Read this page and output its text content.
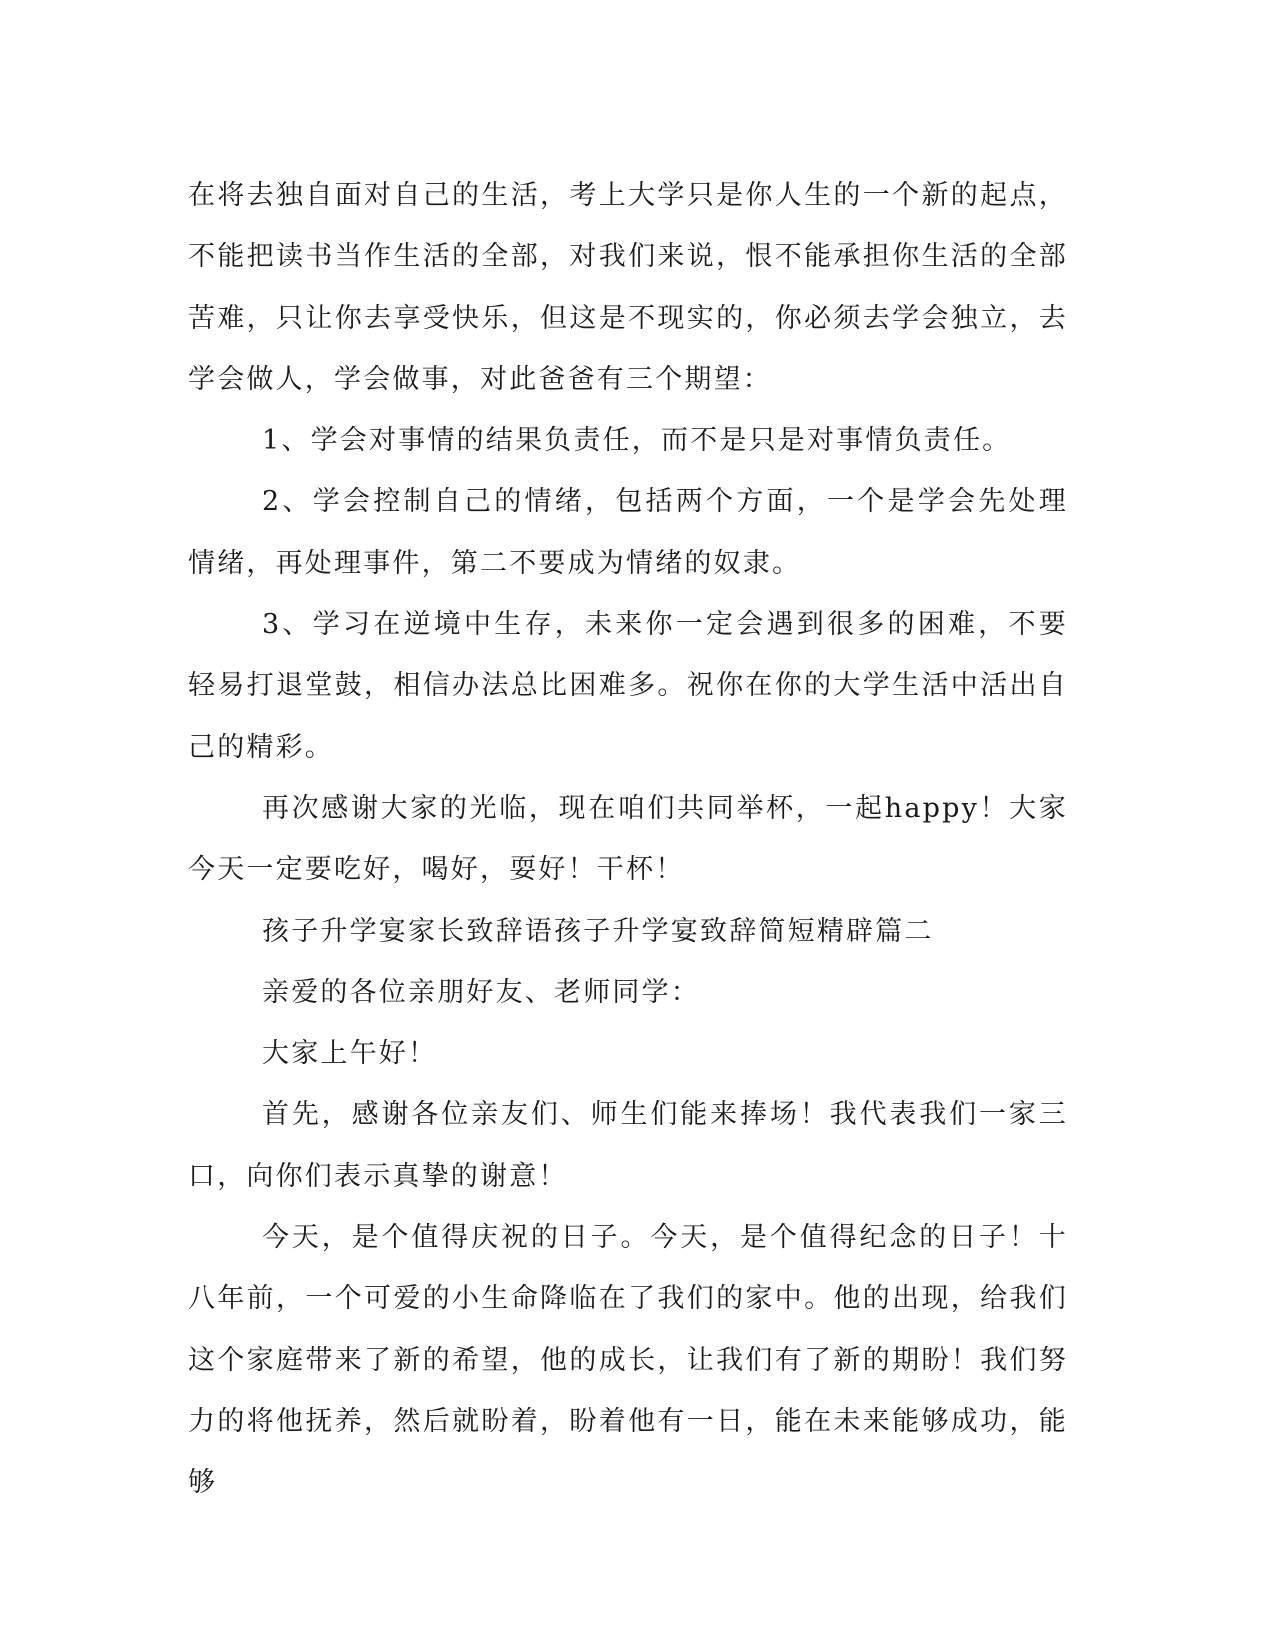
在将去独自面对自己的生活，考上大学只是你人生的一个新的起点，不能把读书当作生活的全部，对我们来说，恨不能承担你生活的全部苦难，只让你去享受快乐，但这是不现实的，你必须去学会独立，去学会做人，学会做事，对此爸爸有三个期望：

1、学会对事情的结果负责任，而不是只是对事情负责任。

2、学会控制自己的情绪，包括两个方面，一个是学会先处理情绪，再处理事件，第二不要成为情绪的奴隶。

3、学习在逆境中生存，未来你一定会遇到很多的困难，不要轻易打退堂鼓，相信办法总比困难多。祝你在你的大学生活中活出自己的精彩。

再次感谢大家的光临，现在咱们共同举杯，一起happy！大家今天一定要吃好，喝好，耍好！干杯！

孩子升学宴家长致辞语孩子升学宴致辞简短精辟篇二

亲爱的各位亲朋好友、老师同学：

大家上午好！

首先，感谢各位亲友们、师生们能来捧场！我代表我们一家三口，向你们表示真挚的谢意！

今天，是个值得庆祝的日子。今天，是个值得纪念的日子！十八年前，一个可爱的小生命降临在了我们的家中。他的出现，给我们这个家庭带来了新的希望，他的成长，让我们有了新的期盼！我们努力的将他抚养，然后就盼着，盼着他有一日，能在未来能够成功，能够
